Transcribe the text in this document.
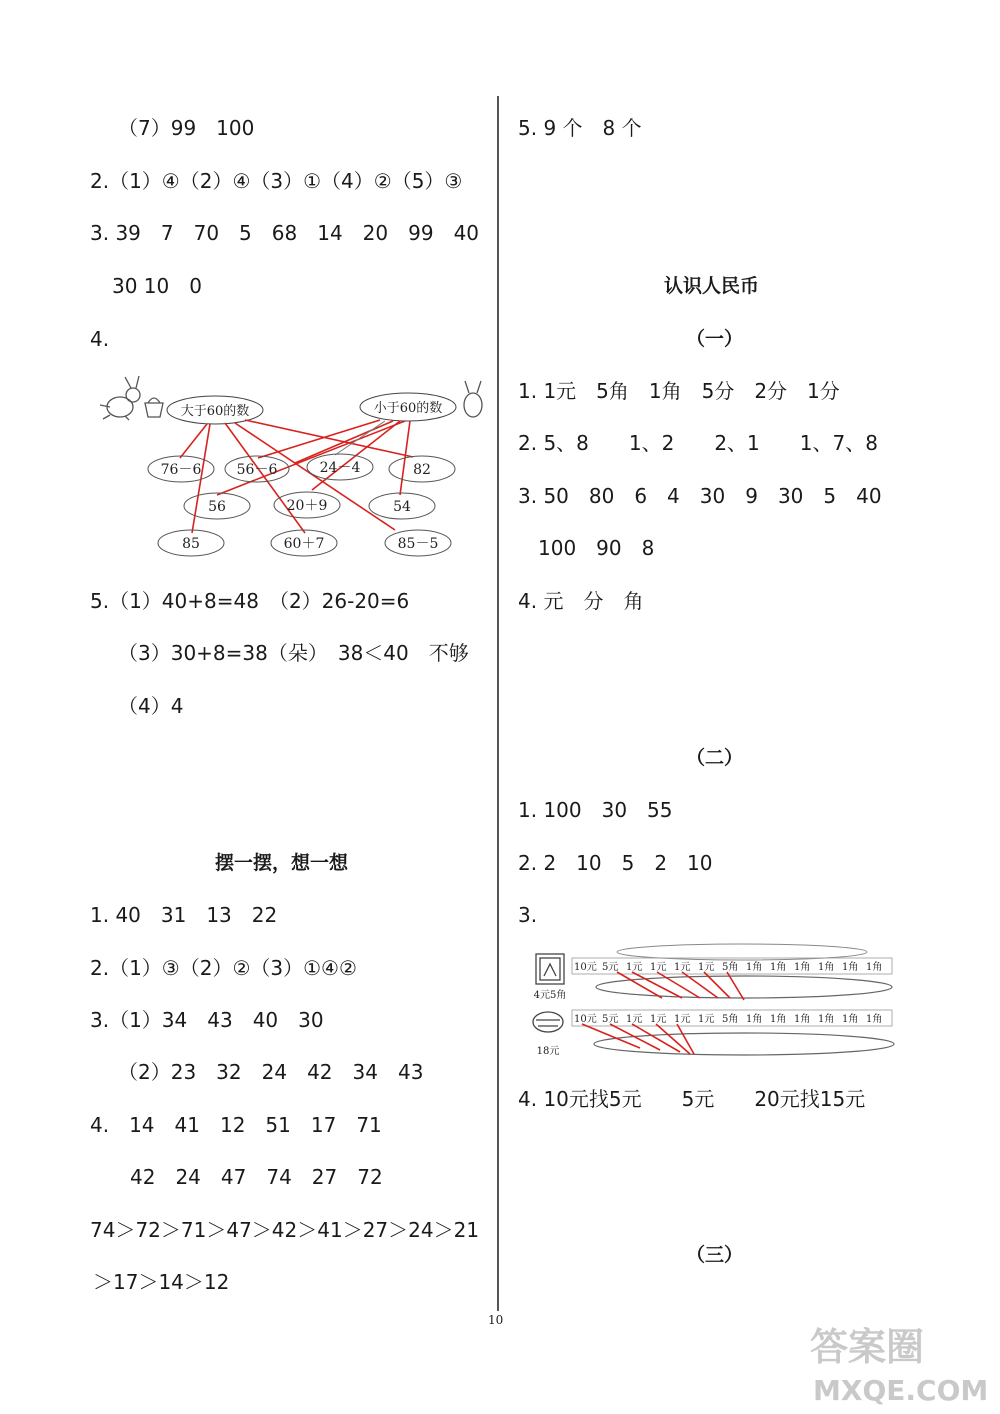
（7）99　100
2.（1）④（2）④（3）①（4）②（5）③
3. 39　7　70　5　68　14　20　99　40
30 10　0
4.
大于60的数	小于60的数
76－6	56－6	24－4	82
56	20＋9	54
85	60＋7	85－5
5.（1）40+8=48　（2）26-20=6
（3）30+8=38（朵）　38＜40　不够
（4）4
摆一摆，想一想
1. 40　31　13　22
2.（1）③（2）②（3）①④②
3.（1）34　43　40　30
（2）23　32　24　42　34　43
4.　14　41　12　51　17　71
42　24　47　74　27　72
74＞72＞71＞47＞42＞41＞27＞24＞21
＞17＞14＞12
5. 9 个　8 个
认识人民币
（一）
1. 1元　5角　1角　5分　2分　1分
2. 5、8　　1、2　　2、1　　1、7、8
3. 50　80　6　4　30　9　30　5　40
100　90　8
4. 元　分　角
（二）
1. 100　30　55
2. 2　10　5　2　10
3.
4元5角
18元
10元 5元 1元 1元 1元 1元 5角 1角 1角 1角 1角 1角 1角
10元 5元 1元 1元 1元 1元 5角 1角 1角 1角 1角 1角 1角
4. 10元找5元　　5元　　20元找15元
（三）
10
答案圈
MXQE.COM
